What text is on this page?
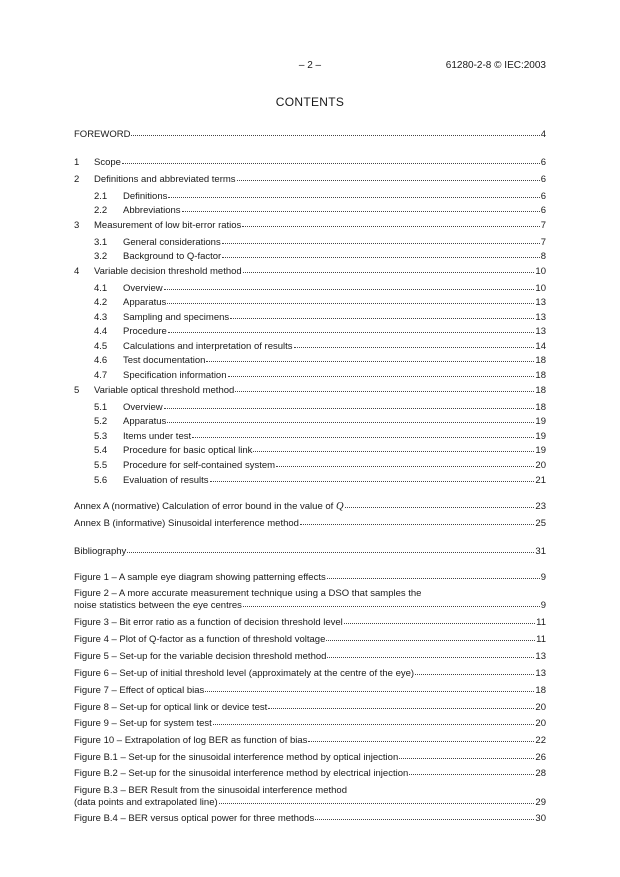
– 2 –	61280-2-8 © IEC:2003
CONTENTS
FOREWORD	4
1	Scope	6
2	Definitions and abbreviated terms	6
2.1	Definitions	6
2.2	Abbreviations	6
3	Measurement of low bit-error ratios	7
3.1	General considerations	7
3.2	Background to Q-factor	8
4	Variable decision threshold method	10
4.1	Overview	10
4.2	Apparatus	13
4.3	Sampling and specimens	13
4.4	Procedure	13
4.5	Calculations and interpretation of results	14
4.6	Test documentation	18
4.7	Specification information	18
5	Variable optical threshold method	18
5.1	Overview	18
5.2	Apparatus	19
5.3	Items under test	19
5.4	Procedure for basic optical link	19
5.5	Procedure for self-contained system	20
5.6	Evaluation of results	21
Annex A (normative) Calculation of error bound in the value of Q	23
Annex B (informative) Sinusoidal interference method	25
Bibliography	31
Figure 1 – A sample eye diagram showing patterning effects	9
Figure 2 – A more accurate measurement technique using a DSO that samples the
noise statistics between the eye centres	9
Figure 3 – Bit error ratio as a function of decision threshold level	11
Figure 4 – Plot of Q-factor as a function of threshold voltage	11
Figure 5 – Set-up for the variable decision threshold method	13
Figure 6 – Set-up of initial threshold level (approximately at the centre of the eye)	13
Figure 7 – Effect of optical bias	18
Figure 8 – Set-up for optical link or device test	20
Figure 9 – Set-up for system test	20
Figure 10 – Extrapolation of log BER as function of bias	22
Figure B.1 – Set-up for the sinusoidal interference method by optical injection	26
Figure B.2 – Set-up for the sinusoidal interference method by electrical injection	28
Figure B.3 – BER Result from the sinusoidal interference method
(data points and extrapolated line)	29
Figure B.4 – BER versus optical power for three methods	30
